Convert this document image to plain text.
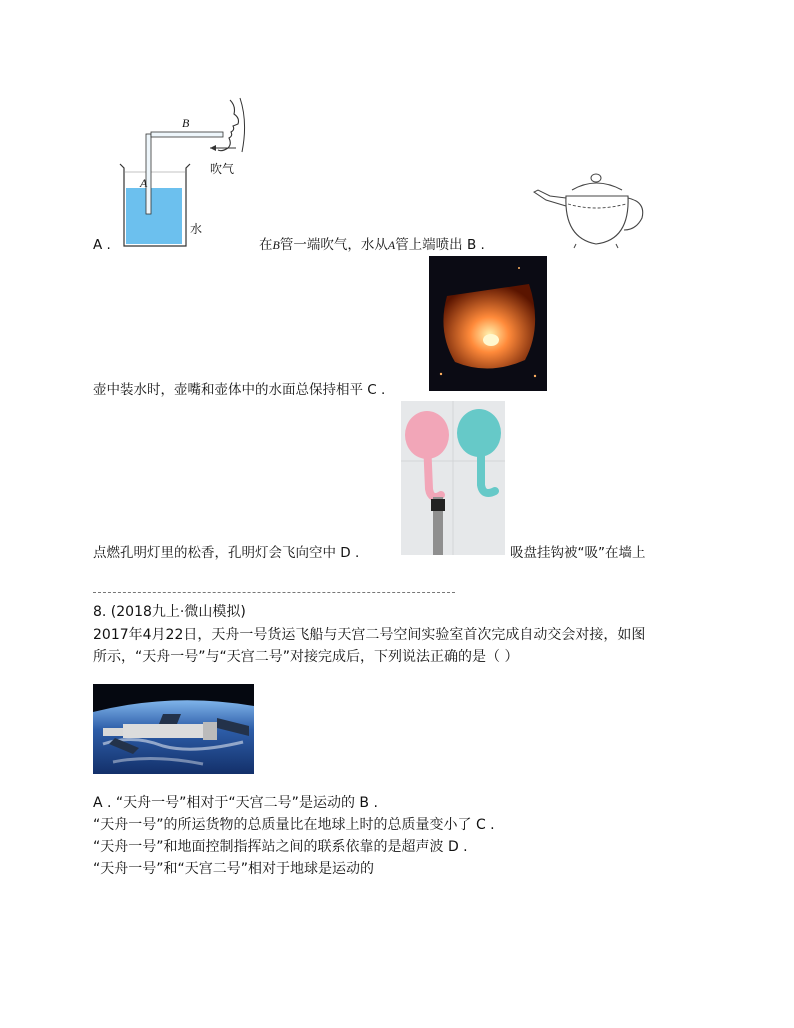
B
A
吹气
水
A .	在B管一端吹气，水从A管上端喷出 B .
壶中装水时，壶嘴和壶体中的水面总保持相平 C .
点燃孔明灯里的松香，孔明灯会飞向空中 D .	吸盘挂钩被“吸”在墙上
8. (2018九上·微山模拟)
2017年4月22日，天舟一号货运飞船与天宫二号空间实验室首次完成自动交会对接，如图
所示，“天舟一号”与“天宫二号”对接完成后，下列说法正确的是（ ）
A . “天舟一号”相对于“天宫二号”是运动的 B .
“天舟一号”的所运货物的总质量比在地球上时的总质量变小了 C .
“天舟一号”和地面控制指挥站之间的联系依靠的是超声波 D .
“天舟一号”和“天宫二号”相对于地球是运动的
